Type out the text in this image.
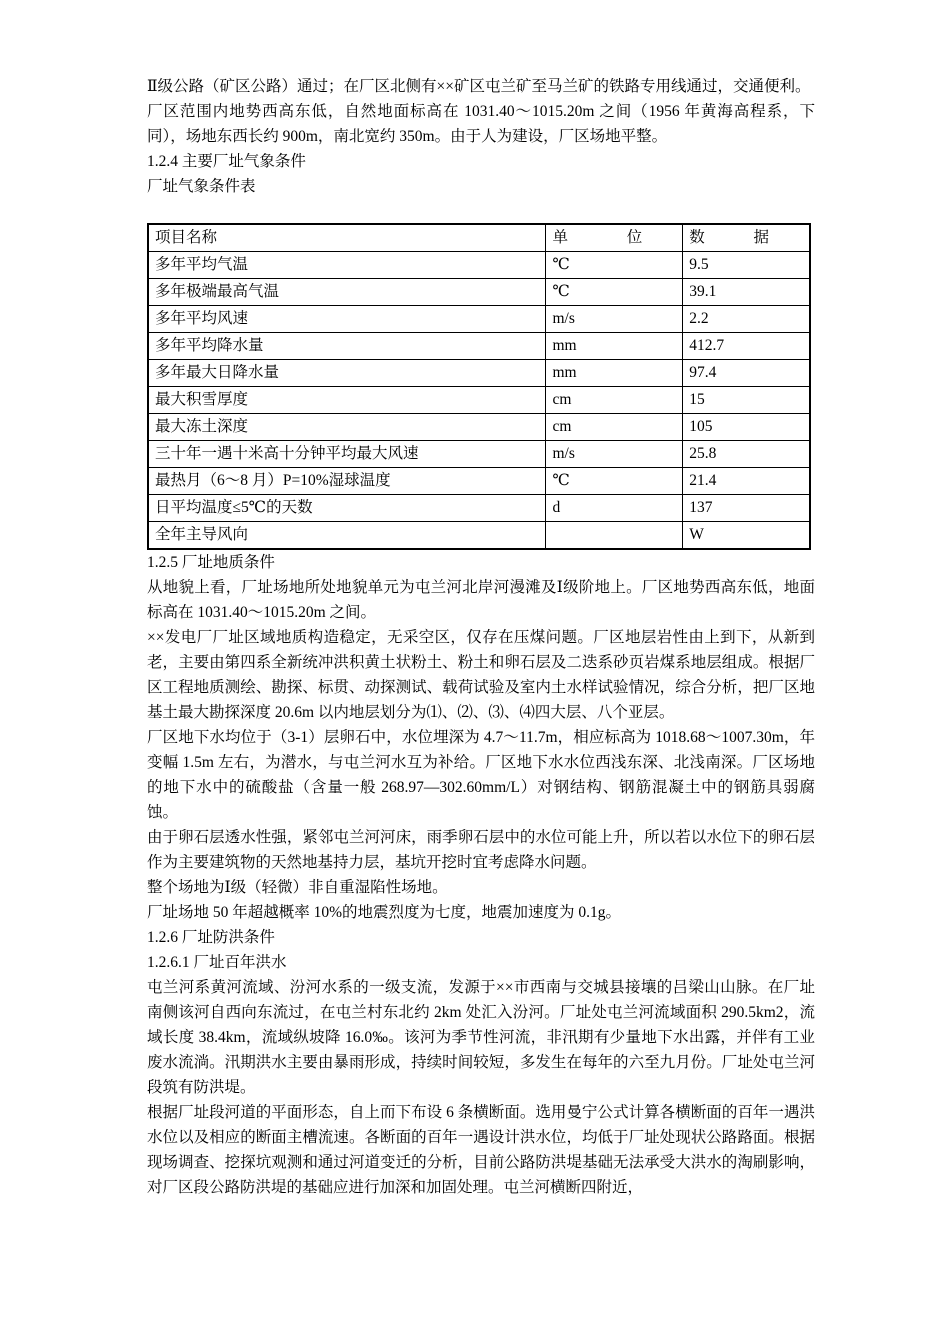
Ⅱ级公路（矿区公路）通过；在厂区北侧有××矿区屯兰矿至马兰矿的铁路专用线通过，交通便利。

厂区范围内地势西高东低，自然地面标高在 1031.40～1015.20m 之间（1956 年黄海高程系，下同），场地东西长约 900m，南北宽约 350m。由于人为建设，厂区场地平整。

1.2.4 主要厂址气象条件

厂址气象条件表

项目名称	单 位	数 据

多年平均气温	℃	9.5
多年极端最高气温	℃	39.1
多年平均风速	m/s	2.2
多年平均降水量	mm	412.7
多年最大日降水量	mm	97.4
最大积雪厚度	cm	15
最大冻土深度	cm	105
三十年一遇十米高十分钟平均最大风速	m/s	25.8
最热月（6～8 月）P=10%湿球温度	℃	21.4
日平均温度≤5℃的天数	d	137
全年主导风向		W

1.2.5 厂址地质条件

从地貌上看，厂址场地所处地貌单元为屯兰河北岸河漫滩及Ⅰ级阶地上。厂区地势西高东低，地面标高在 1031.40～1015.20m 之间。

××发电厂厂址区域地质构造稳定，无采空区，仅存在压煤问题。厂区地层岩性由上到下，从新到老，主要由第四系全新统冲洪积黄土状粉土、粉土和卵石层及二迭系砂页岩煤系地层组成。根据厂区工程地质测绘、勘探、标贯、动探测试、载荷试验及室内土水样试验情况，综合分析，把厂区地基土最大勘探深度 20.6m 以内地层划分为⑴、⑵、⑶、⑷四大层、八个亚层。

厂区地下水均位于（3-1）层卵石中，水位埋深为 4.7～11.7m，相应标高为 1018.68～1007.30m，年变幅 1.5m 左右，为潜水，与屯兰河水互为补给。厂区地下水水位西浅东深、北浅南深。厂区场地的地下水中的硫酸盐（含量一般 268.97—302.60mm/L）对钢结构、钢筋混凝土中的钢筋具弱腐蚀。

由于卵石层透水性强，紧邻屯兰河河床，雨季卵石层中的水位可能上升，所以若以水位下的卵石层作为主要建筑物的天然地基持力层，基坑开挖时宜考虑降水问题。

整个场地为Ⅰ级（轻微）非自重湿陷性场地。

厂址场地 50 年超越概率 10%的地震烈度为七度，地震加速度为 0.1g。

1.2.6 厂址防洪条件

1.2.6.1 厂址百年洪水

屯兰河系黄河流域、汾河水系的一级支流，发源于××市西南与交城县接壤的吕梁山山脉。在厂址南侧该河自西向东流过，在屯兰村东北约 2km 处汇入汾河。厂址处屯兰河流域面积 290.5km2，流域长度 38.4km，流域纵坡降 16.0‰。该河为季节性河流，非汛期有少量地下水出露，并伴有工业废水流淌。汛期洪水主要由暴雨形成，持续时间较短，多发生在每年的六至九月份。厂址处屯兰河段筑有防洪堤。

根据厂址段河道的平面形态，自上而下布设 6 条横断面。选用曼宁公式计算各横断面的百年一遇洪水位以及相应的断面主槽流速。各断面的百年一遇设计洪水位，均低于厂址处现状公路路面。根据现场调查、挖探坑观测和通过河道变迁的分析，目前公路防洪堤基础无法承受大洪水的淘刷影响，对厂区段公路防洪堤的基础应进行加深和加固处理。屯兰河横断四附近，
